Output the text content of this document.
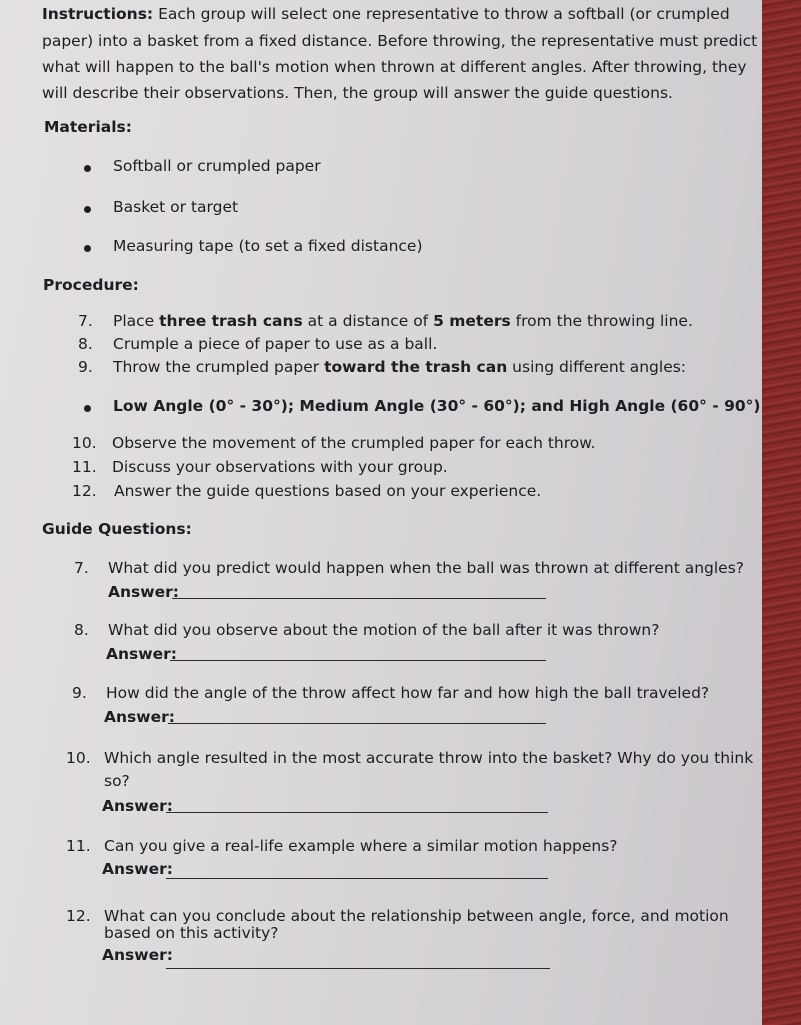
Instructions: Each group will select one representative to throw a softball (or crumpled
paper) into a basket from a fixed distance. Before throwing, the representative must predict
what will happen to the ball's motion when thrown at different angles. After throwing, they
will describe their observations. Then, the group will answer the guide questions.
Materials:
Softball or crumpled paper
Basket or target
Measuring tape (to set a fixed distance)
Procedure:
7. Place three trash cans at a distance of 5 meters from the throwing line.
8. Crumple a piece of paper to use as a ball.
9. Throw the crumpled paper toward the trash can using different angles:
Low Angle (0° - 30°); Medium Angle (30° - 60°); and High Angle (60° - 90°)
10. Observe the movement of the crumpled paper for each throw.
11. Discuss your observations with your group.
12. Answer the guide questions based on your experience.
Guide Questions:
7. What did you predict would happen when the ball was thrown at different angles?
Answer:
8. What did you observe about the motion of the ball after it was thrown?
Answer:
9. How did the angle of the throw affect how far and how high the ball traveled?
Answer:
10. Which angle resulted in the most accurate throw into the basket? Why do you think
so?
Answer:
11. Can you give a real-life example where a similar motion happens?
Answer:
12. What can you conclude about the relationship between angle, force, and motion
based on this activity?
Answer:
